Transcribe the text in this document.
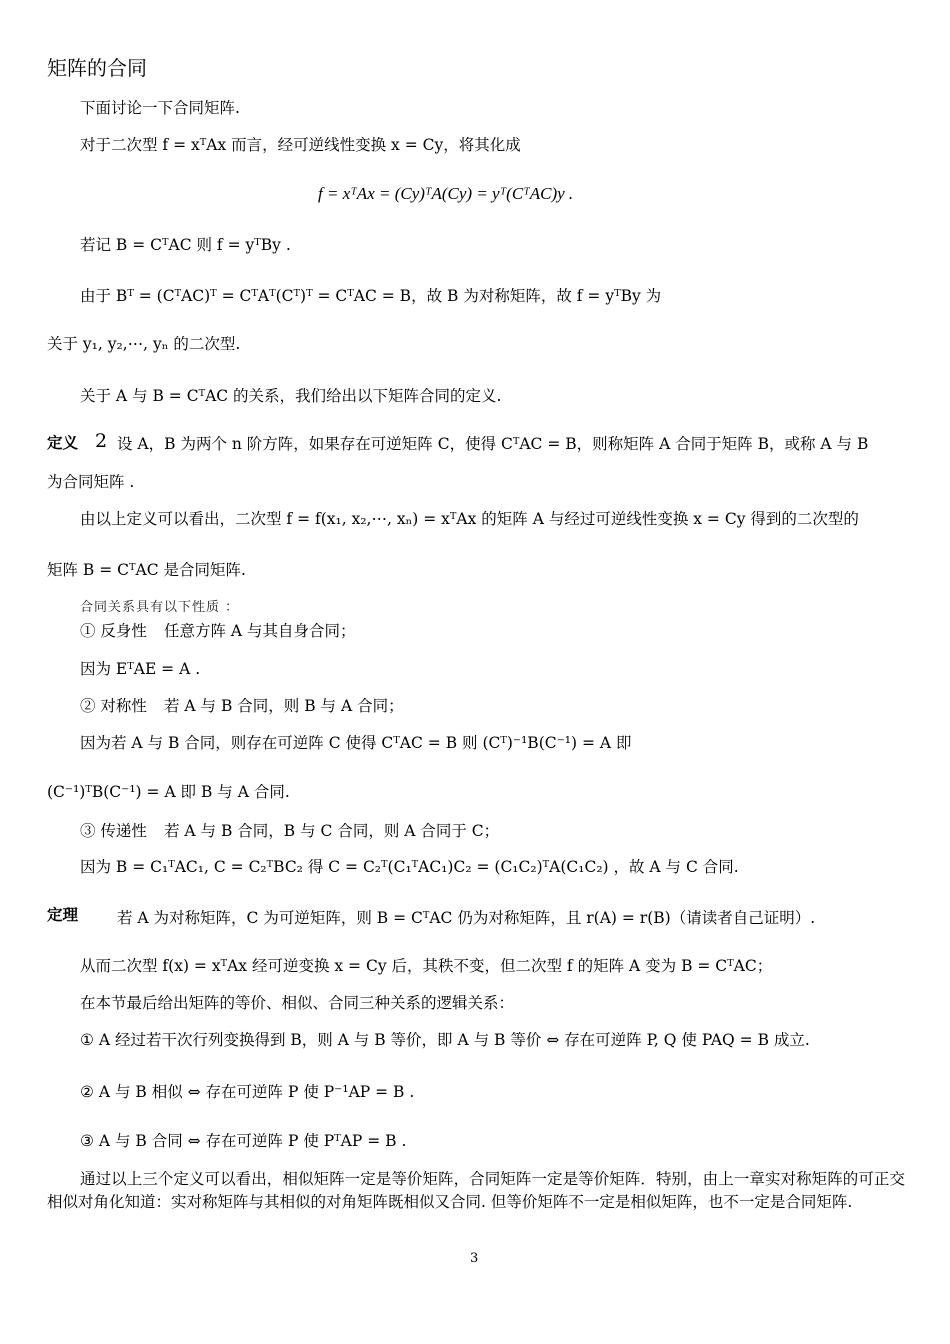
矩阵的合同
下面讨论一下合同矩阵.
对于二次型 f = xᵀAx 而言，经可逆线性变换 x = Cy，将其化成
f = xᵀAx = (Cy)ᵀA(Cy) = yᵀ(CᵀAC)y .
若记 B = CᵀAC 则 f = yᵀBy .
由于 Bᵀ = (CᵀAC)ᵀ = CᵀAᵀ(Cᵀ)ᵀ = CᵀAC = B，故 B 为对称矩阵，故 f = yᵀBy 为
关于 y₁, y₂,⋯, yₙ 的二次型.
关于 A 与 B = CᵀAC 的关系，我们给出以下矩阵合同的定义.
定义 2 设 A，B 为两个 n 阶方阵，如果存在可逆矩阵 C，使得 CᵀAC = B，则称矩阵 A 合同于矩阵 B，或称 A 与 B
为合同矩阵 .
由以上定义可以看出，二次型 f = f(x₁, x₂,⋯, xₙ) = xᵀAx 的矩阵 A 与经过可逆线性变换 x = Cy 得到的二次型的
矩阵 B = CᵀAC 是合同矩阵.
合同关系具有以下性质 ：
① 反身性 任意方阵 A 与其自身合同；
因为 EᵀAE = A .
② 对称性 若 A 与 B 合同，则 B 与 A 合同；
因为若 A 与 B 合同，则存在可逆阵 C 使得 CᵀAC = B 则 (Cᵀ)⁻¹B(C⁻¹) = A 即
(C⁻¹)ᵀB(C⁻¹) = A 即 B 与 A 合同.
③ 传递性 若 A 与 B 合同，B 与 C 合同，则 A 合同于 C；
因为 B = C₁ᵀAC₁, C = C₂ᵀBC₂ 得 C = C₂ᵀ(C₁ᵀAC₁)C₂ = (C₁C₂)ᵀA(C₁C₂) ，故 A 与 C 合同.
定理	若 A 为对称矩阵，C 为可逆矩阵，则 B = CᵀAC 仍为对称矩阵，且 r(A) = r(B)（请读者自己证明）.
从而二次型 f(x) = xᵀAx 经可逆变换 x = Cy 后，其秩不变，但二次型 f 的矩阵 A 变为 B = CᵀAC；
在本节最后给出矩阵的等价、相似、合同三种关系的逻辑关系：
① A 经过若干次行列变换得到 B，则 A 与 B 等价，即 A 与 B 等价 ⇔ 存在可逆阵 P, Q 使 PAQ = B 成立.
② A 与 B 相似 ⇔ 存在可逆阵 P 使 P⁻¹AP = B .
③ A 与 B 合同 ⇔ 存在可逆阵 P 使 PᵀAP = B .
通过以上三个定义可以看出，相似矩阵一定是等价矩阵，合同矩阵一定是等价矩阵．特别，由上一章实对称矩阵的可正交相似对角化知道：实对称矩阵与其相似的对角矩阵既相似又合同. 但等价矩阵不一定是相似矩阵，也不一定是合同矩阵.
3
